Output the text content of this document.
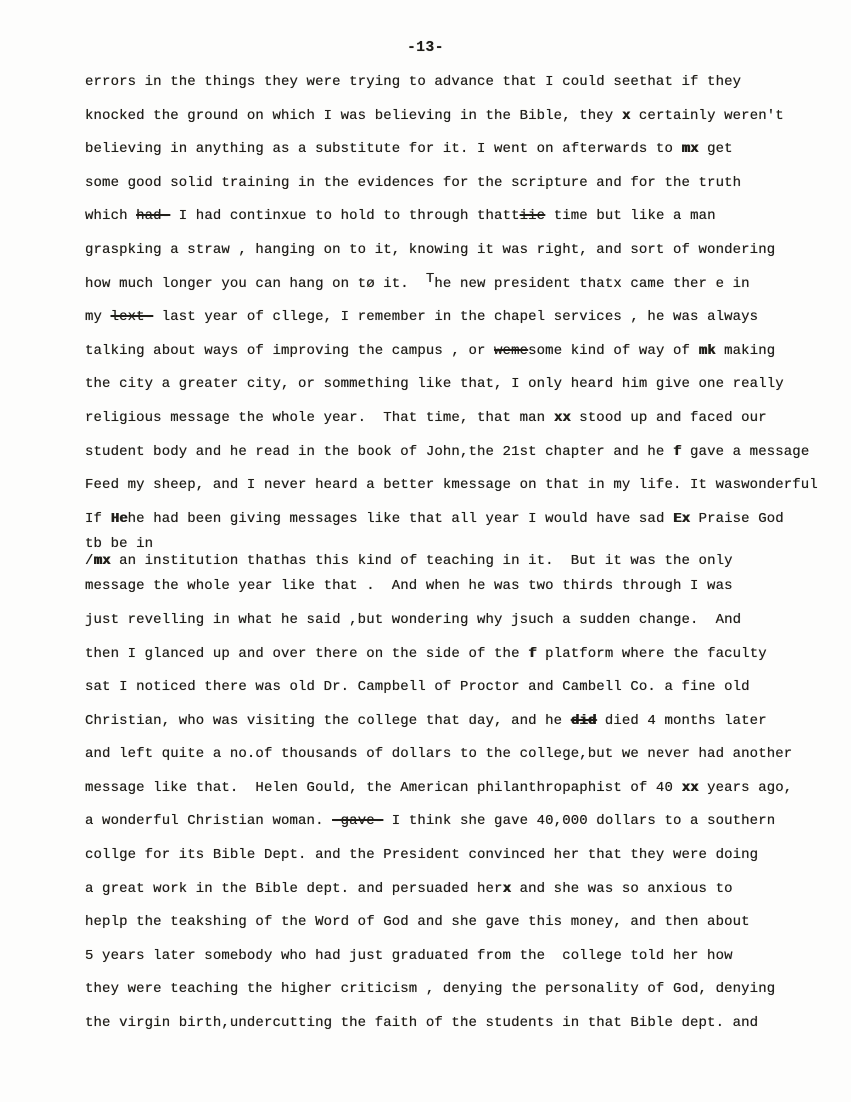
-13-
errors in the things they were trying to advance that I could seethat if they
knocked the ground on which I was believing in the Bible, they x certainly weren't
believing in anything as a substitute for it. I went on afterwards to mx get
some good solid training in the evidences for the scripture and for the truth
which had- I had continxue to hold to through thattiie time but like a man
graspking a straw , hanging on to it, knowing it was right, and sort of wondering
how much longer you can hang on tø it.  The new president thatx came ther e in
my lext- last year of cllege, I remember in the chapel services , he was always
talking about ways of improving the campus , or wemesome kind of way of mk making
the city a greater city, or sommething like that, I only heard him give one really
religious message the whole year.  That time, that man xx stood up and faced our
student body and he read in the book of John,the 21st chapter and he f gave a message
Feed my sheep, and I never heard a better kmessage on that in my life. It waswonderful
If Hehe had been giving messages like that all year I would have sad Ex Praise God
tb be in
/mx an institution thathas this kind of teaching in it.  But it was the only
message the whole year like that .  And when he was two thirds through I was
just revelling in what he said ,but wondering why jsuch a sudden change.  And
then I glanced up and over there on the side of the f platform where the faculty
sat I noticed there was old Dr. Campbell of Proctor and Cambell Co. a fine old
Christian, who was visiting the college that day, and he did died 4 months later
and left quite a no.of thousands of dollars to the college,but we never had another
message like that.  Helen Gould, the American philanthropaphist of 40 xx years ago,
a wonderful Christian woman. -gave- I think she gave 40,000 dollars to a southern
collge for its Bible Dept. and the President convinced her that they were doing
a great work in the Bible dept. and persuaded herx and she was so anxious to
heplp the teakshing of the Word of God and she gave this money, and then about
5 years later somebody who had just graduated from the  college told her how
they were teaching the higher criticism , denying the personality of God, denying
the virgin birth,undercutting the faith of the students in that Bible dept. and
